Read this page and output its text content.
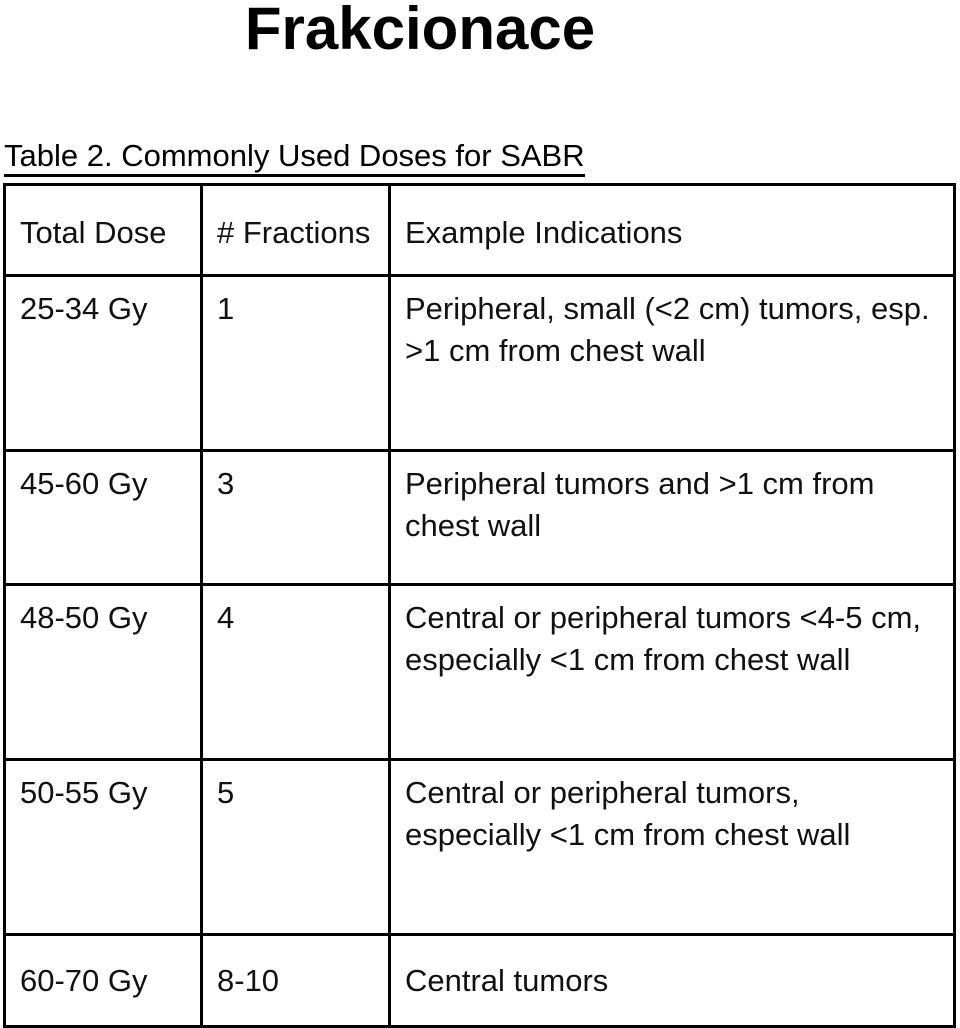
Frakcionace
Table 2. Commonly Used Doses for SABR
Total Dose	# Fractions	Example Indications
25-34 Gy	1	Peripheral, small (<2 cm) tumors, esp. >1 cm from chest wall
45-60 Gy	3	Peripheral tumors and >1 cm from chest wall
48-50 Gy	4	Central or peripheral tumors <4-5 cm, especially <1 cm from chest wall
50-55 Gy	5	Central or peripheral tumors, especially <1 cm from chest wall
60-70 Gy	8-10	Central tumors
